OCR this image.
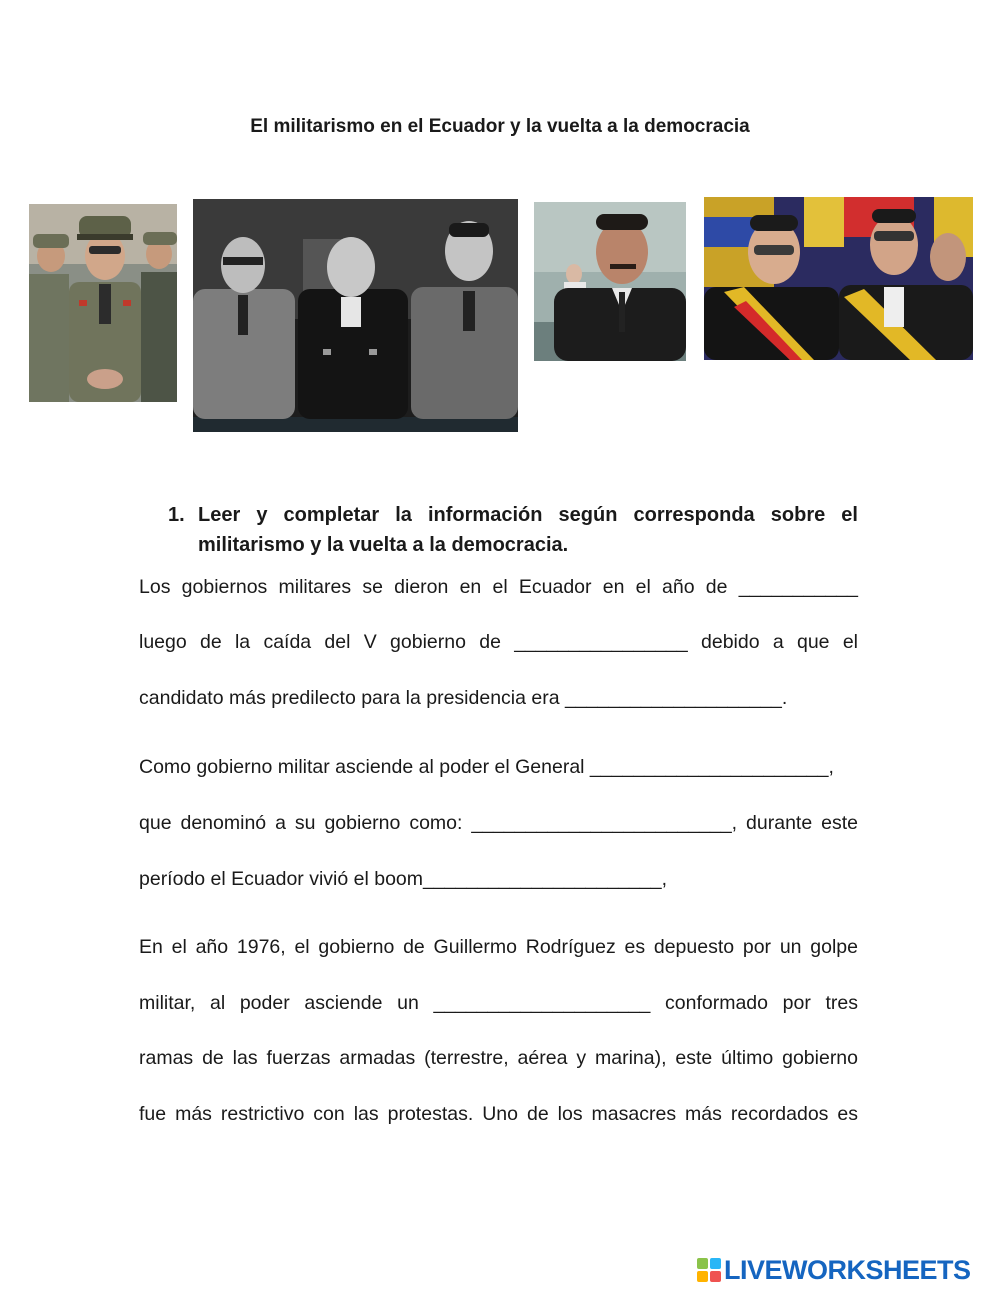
El militarismo en el Ecuador y la vuelta a la democracia
1. Leer y completar la información según corresponda sobre el militarismo y la vuelta a la democracia.
Los gobiernos militares se dieron en el Ecuador en el año de ___________
luego de la caída del V gobierno de ________________ debido a que el
candidato más predilecto para la presidencia era ____________________.
Como gobierno militar asciende al poder el General ______________________,
que denominó a su gobierno como: ________________________, durante este
período el Ecuador vivió el boom______________________,
En el año 1976, el gobierno de Guillermo Rodríguez es depuesto por un golpe
militar, al poder asciende un ____________________ conformado por tres
ramas de las fuerzas armadas (terrestre, aérea y marina), este último gobierno
fue más restrictivo con las protestas. Uno de los masacres más recordados es
LIVEWORKSHEETS
